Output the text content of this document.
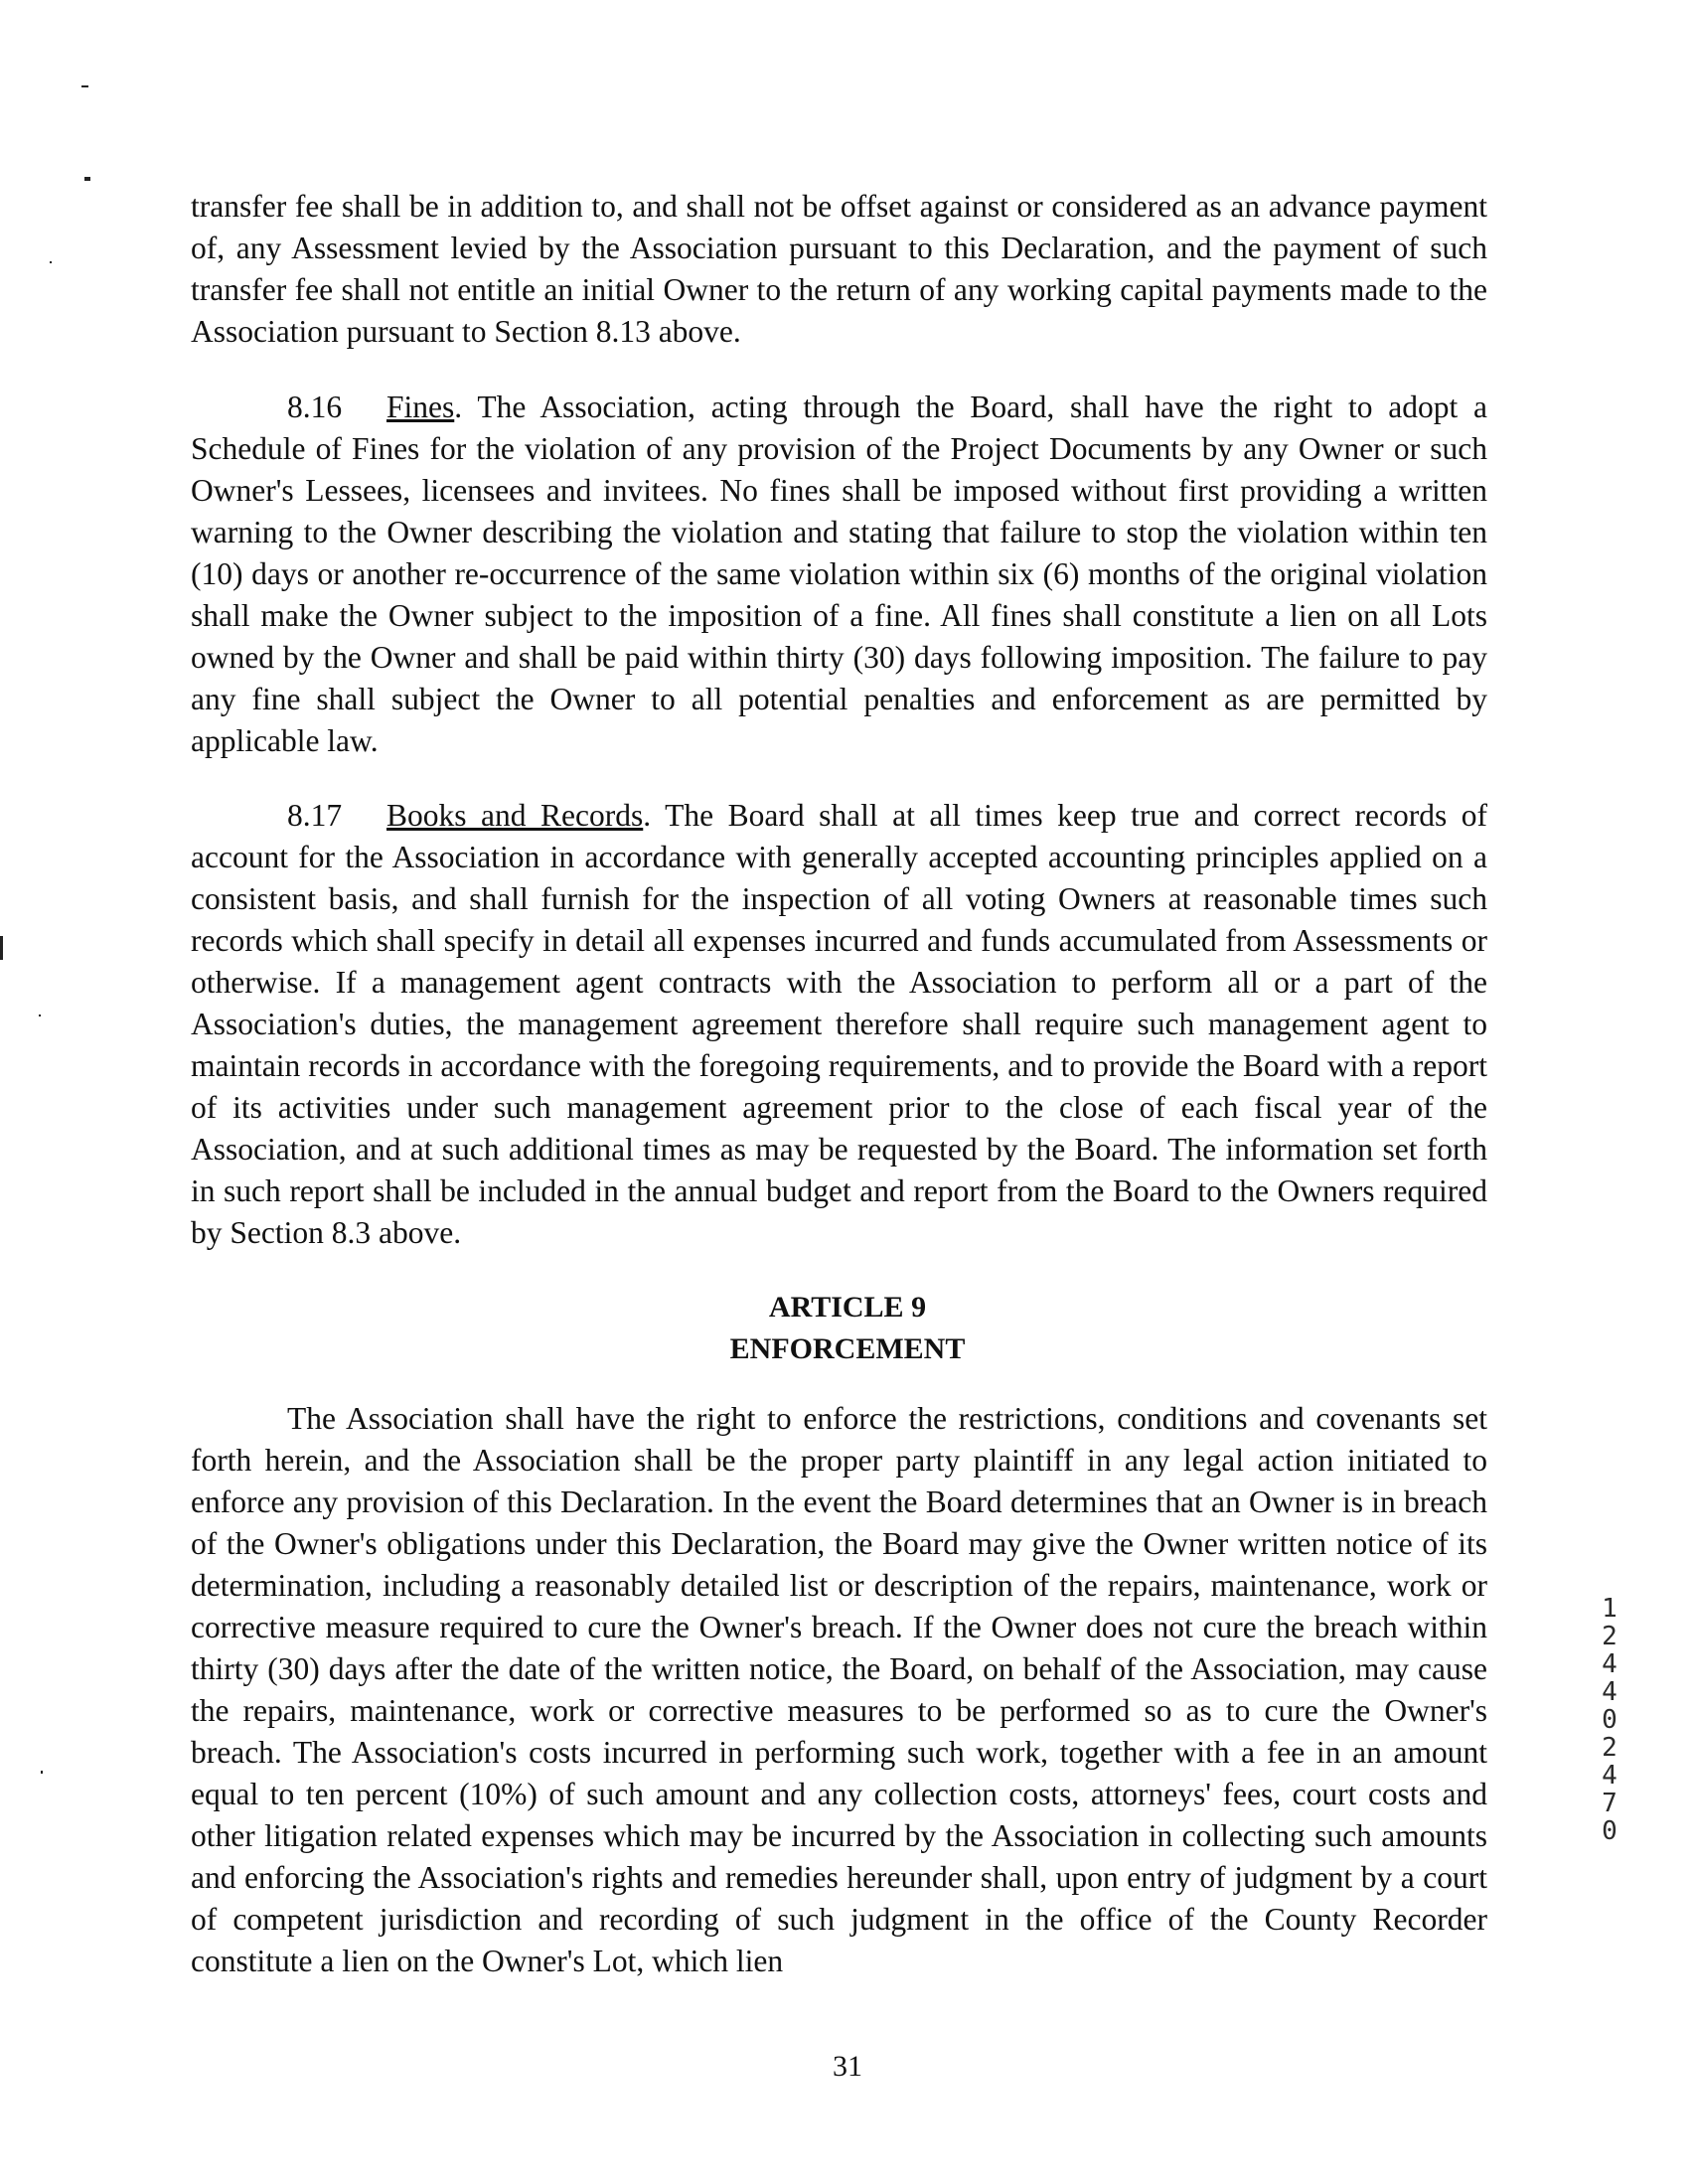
transfer fee shall be in addition to, and shall not be offset against or considered as an advance payment of, any Assessment levied by the Association pursuant to this Declaration, and the payment of such transfer fee shall not entitle an initial Owner to the return of any working capital payments made to the Association pursuant to Section 8.13 above.

8.16 Fines. The Association, acting through the Board, shall have the right to adopt a Schedule of Fines for the violation of any provision of the Project Documents by any Owner or such Owner's Lessees, licensees and invitees. No fines shall be imposed without first providing a written warning to the Owner describing the violation and stating that failure to stop the violation within ten (10) days or another re-occurrence of the same violation within six (6) months of the original violation shall make the Owner subject to the imposition of a fine. All fines shall constitute a lien on all Lots owned by the Owner and shall be paid within thirty (30) days following imposition. The failure to pay any fine shall subject the Owner to all potential penalties and enforcement as are permitted by applicable law.

8.17 Books and Records. The Board shall at all times keep true and correct records of account for the Association in accordance with generally accepted accounting principles applied on a consistent basis, and shall furnish for the inspection of all voting Owners at reasonable times such records which shall specify in detail all expenses incurred and funds accumulated from Assessments or otherwise. If a management agent contracts with the Association to perform all or a part of the Association's duties, the management agreement therefore shall require such management agent to maintain records in accordance with the foregoing requirements, and to provide the Board with a report of its activities under such management agreement prior to the close of each fiscal year of the Association, and at such additional times as may be requested by the Board. The information set forth in such report shall be included in the annual budget and report from the Board to the Owners required by Section 8.3 above.

ARTICLE 9

ENFORCEMENT

The Association shall have the right to enforce the restrictions, conditions and covenants set forth herein, and the Association shall be the proper party plaintiff in any legal action initiated to enforce any provision of this Declaration. In the event the Board determines that an Owner is in breach of the Owner's obligations under this Declaration, the Board may give the Owner written notice of its determination, including a reasonably detailed list or description of the repairs, maintenance, work or corrective measure required to cure the Owner's breach. If the Owner does not cure the breach within thirty (30) days after the date of the written notice, the Board, on behalf of the Association, may cause the repairs, maintenance, work or corrective measures to be performed so as to cure the Owner's breach. The Association's costs incurred in performing such work, together with a fee in an amount equal to ten percent (10%) of such amount and any collection costs, attorneys' fees, court costs and other litigation related expenses which may be incurred by the Association in collecting such amounts and enforcing the Association's rights and remedies hereunder shall, upon entry of judgment by a court of competent jurisdiction and recording of such judgment in the office of the County Recorder constitute a lien on the Owner's Lot, which lien

1244 0247 0

31
